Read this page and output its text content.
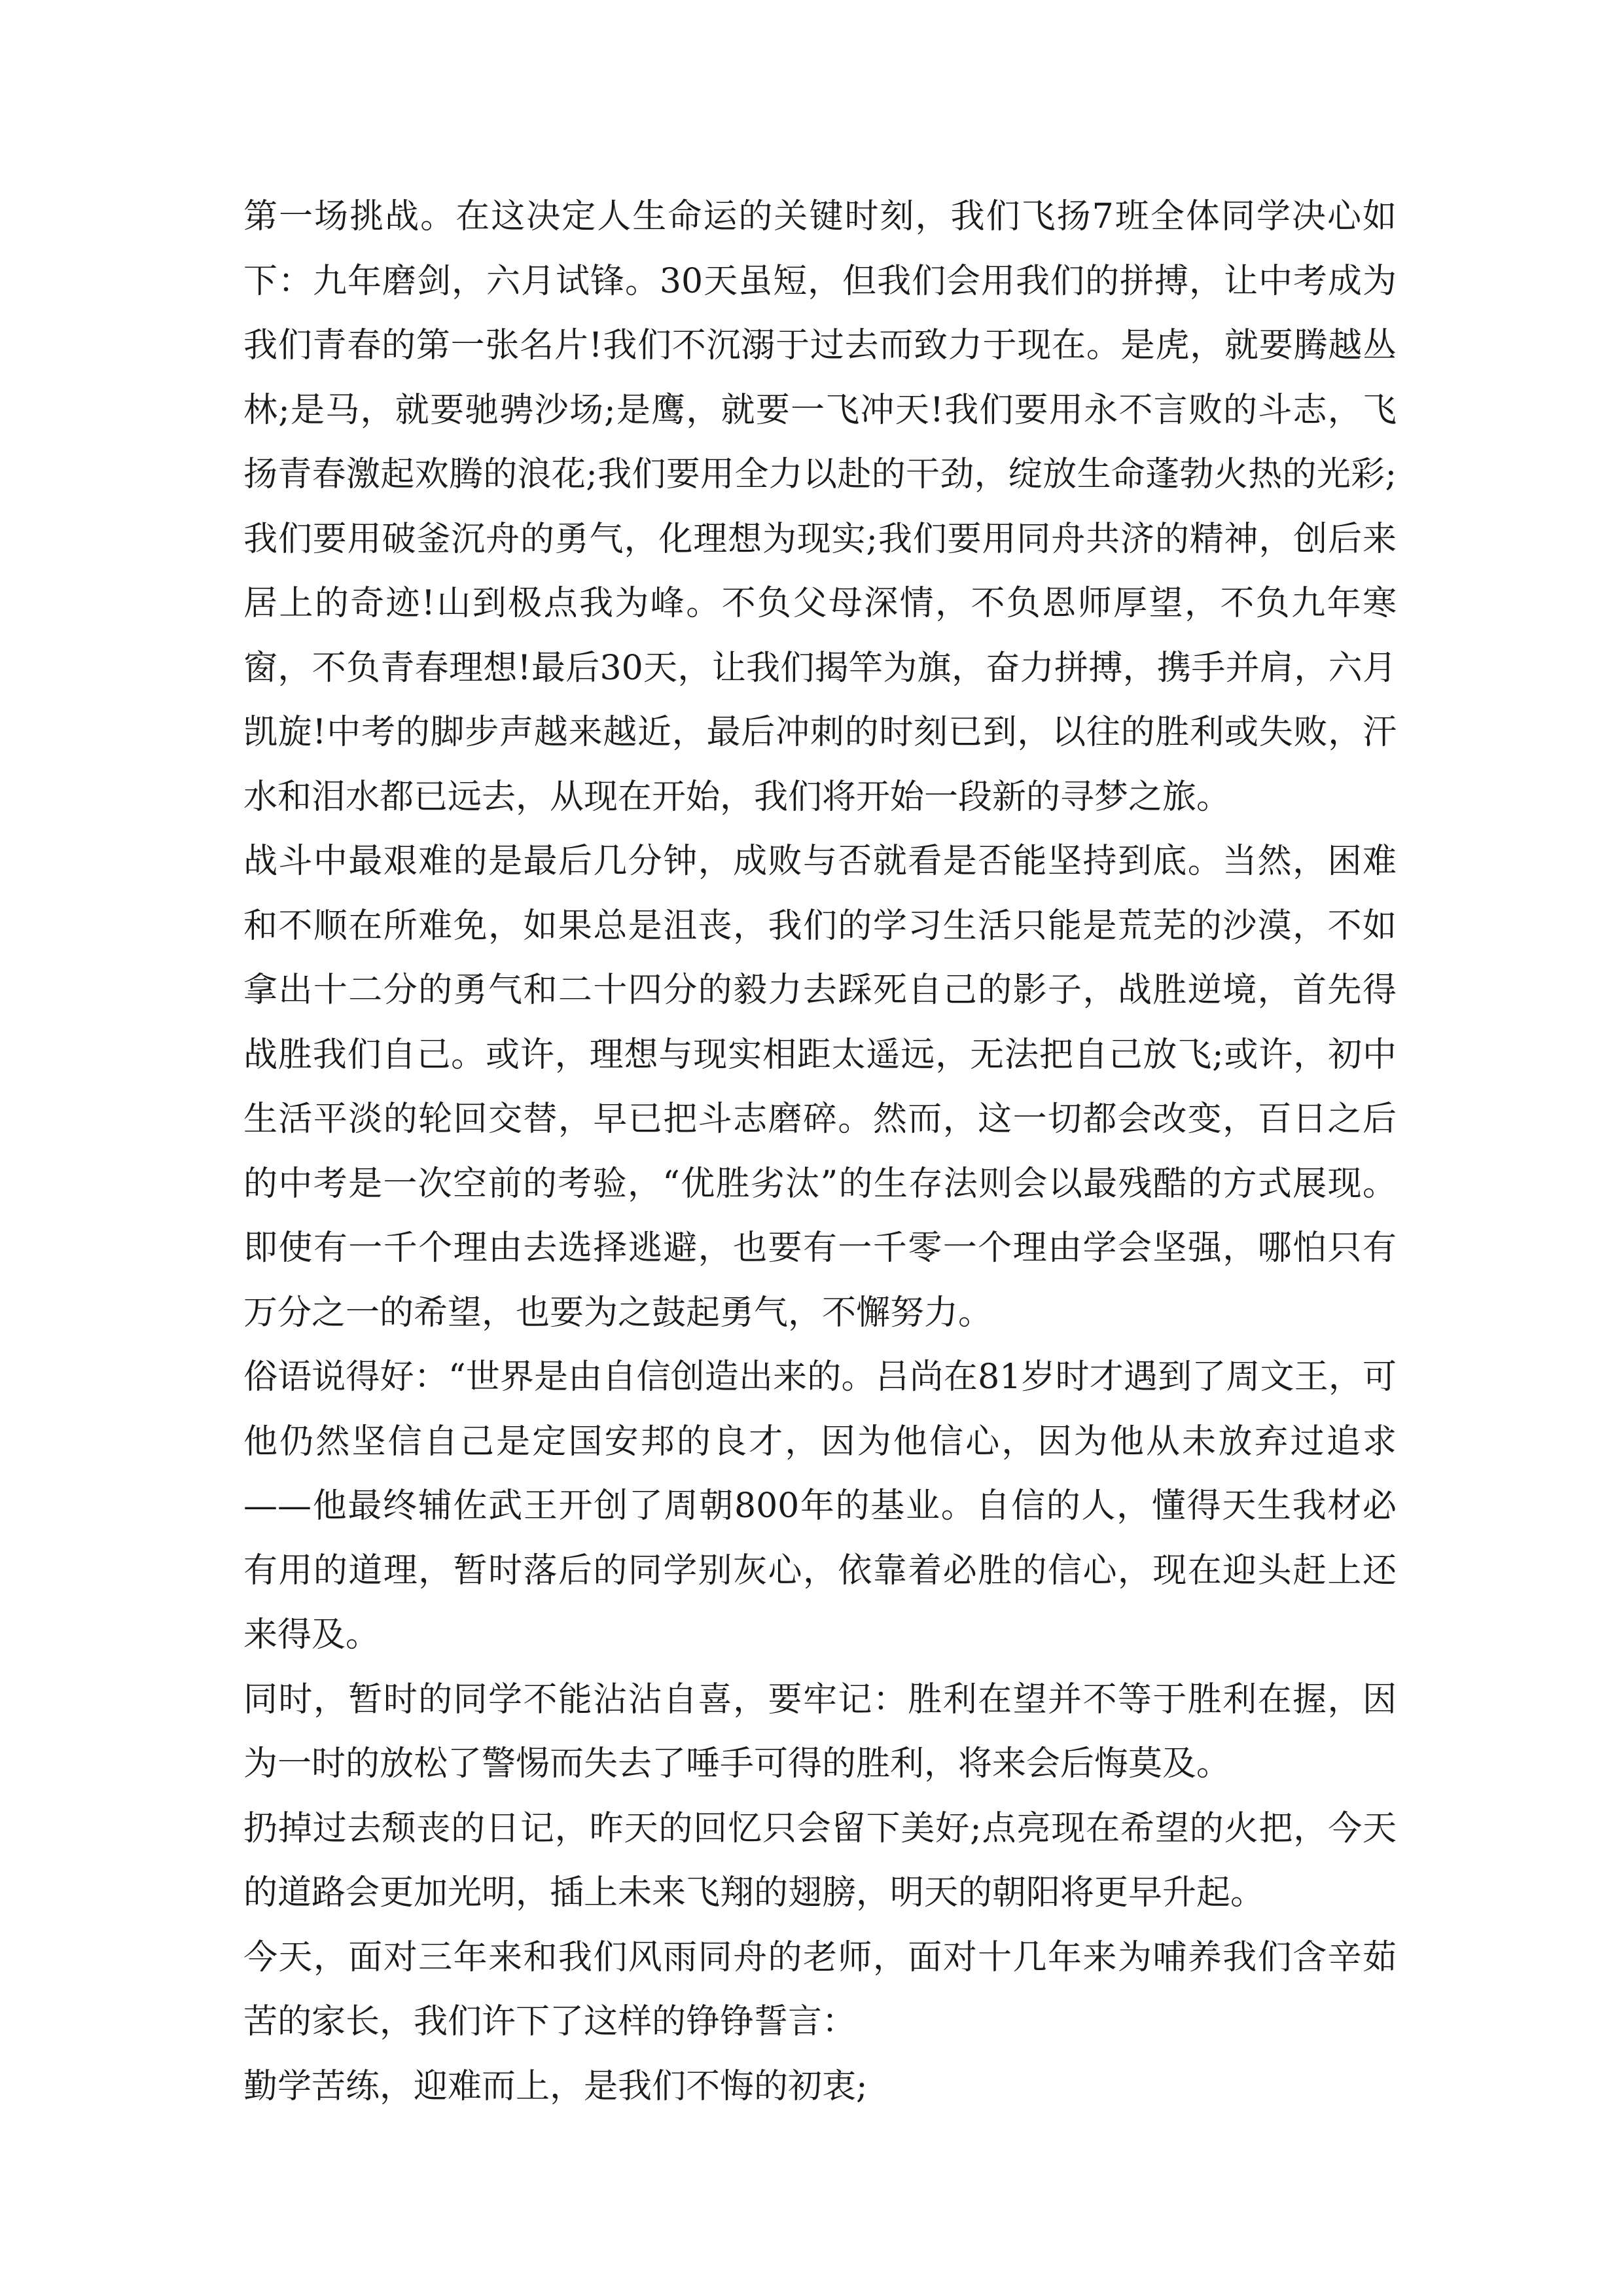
第一场挑战。在这决定人生命运的关键时刻，我们飞扬7班全体同学决心如下：九年磨剑，六月试锋。30天虽短，但我们会用我们的拼搏，让中考成为我们青春的第一张名片!我们不沉溺于过去而致力于现在。是虎，就要腾越丛林;是马，就要驰骋沙场;是鹰，就要一飞冲天!我们要用永不言败的斗志，飞扬青春激起欢腾的浪花;我们要用全力以赴的干劲，绽放生命蓬勃火热的光彩;我们要用破釜沉舟的勇气，化理想为现实;我们要用同舟共济的精神，创后来居上的奇迹!山到极点我为峰。不负父母深情，不负恩师厚望，不负九年寒窗，不负青春理想!最后30天，让我们揭竿为旗，奋力拼搏，携手并肩，六月凯旋!中考的脚步声越来越近，最后冲刺的时刻已到，以往的胜利或失败，汗水和泪水都已远去，从现在开始，我们将开始一段新的寻梦之旅。

战斗中最艰难的是最后几分钟，成败与否就看是否能坚持到底。当然，困难和不顺在所难免，如果总是沮丧，我们的学习生活只能是荒芜的沙漠，不如拿出十二分的勇气和二十四分的毅力去踩死自己的影子，战胜逆境，首先得战胜我们自己。或许，理想与现实相距太遥远，无法把自己放飞;或许，初中生活平淡的轮回交替，早已把斗志磨碎。然而，这一切都会改变，百日之后的中考是一次空前的考验，“优胜劣汰”的生存法则会以最残酷的方式展现。即使有一千个理由去选择逃避，也要有一千零一个理由学会坚强，哪怕只有万分之一的希望，也要为之鼓起勇气，不懈努力。

俗语说得好：“世界是由自信创造出来的。吕尚在81岁时才遇到了周文王，可他仍然坚信自己是定国安邦的良才，因为他信心，因为他从未放弃过追求——他最终辅佐武王开创了周朝800年的基业。自信的人，懂得天生我材必有用的道理，暂时落后的同学别灰心，依靠着必胜的信心，现在迎头赶上还来得及。

同时，暂时的同学不能沾沾自喜，要牢记：胜利在望并不等于胜利在握，因为一时的放松了警惕而失去了唾手可得的胜利，将来会后悔莫及。

扔掉过去颓丧的日记，昨天的回忆只会留下美好;点亮现在希望的火把，今天的道路会更加光明，插上未来飞翔的翅膀，明天的朝阳将更早升起。

今天，面对三年来和我们风雨同舟的老师，面对十几年来为哺养我们含辛茹苦的家长，我们许下了这样的铮铮誓言：

勤学苦练，迎难而上，是我们不悔的初衷;
